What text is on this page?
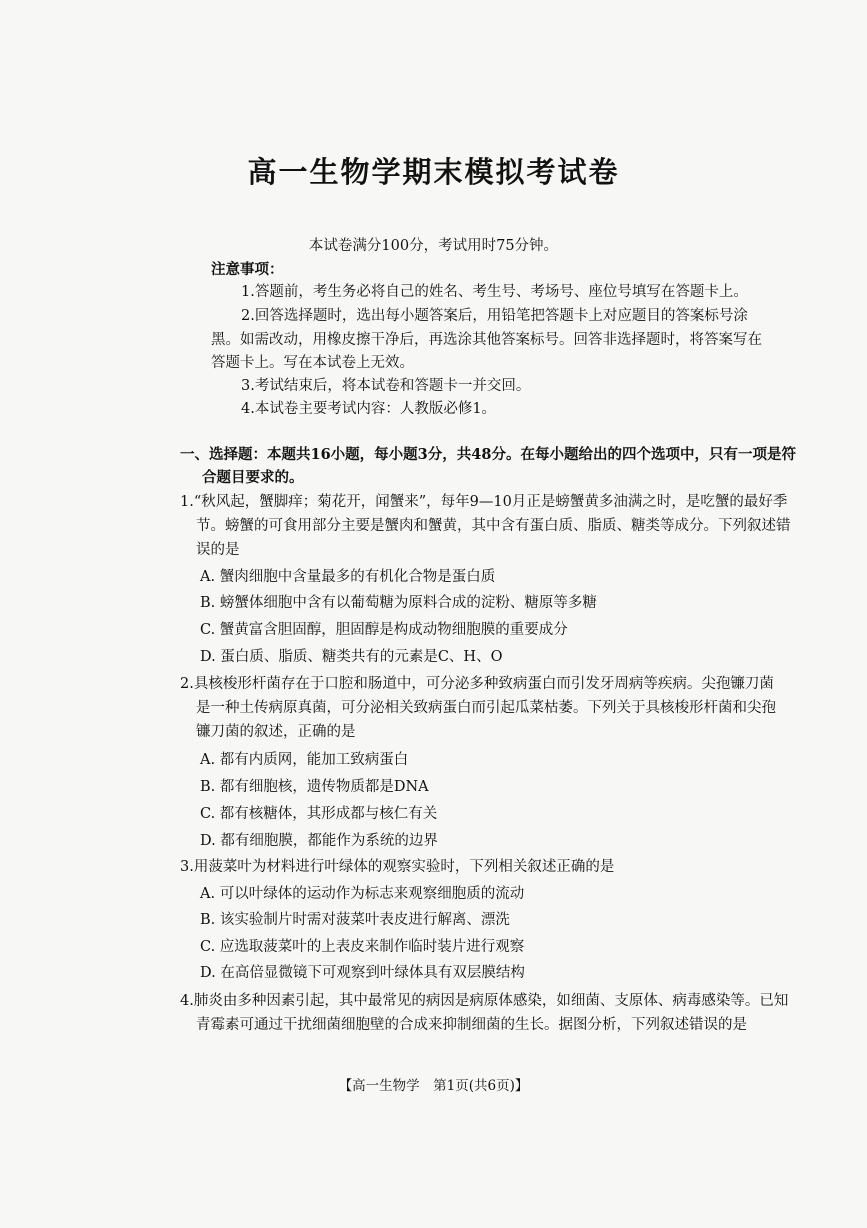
高一生物学期末模拟考试卷
本试卷满分100分，考试用时75分钟。
注意事项：
1.答题前，考生务必将自己的姓名、考生号、考场号、座位号填写在答题卡上。
2.回答选择题时，选出每小题答案后，用铅笔把答题卡上对应题目的答案标号涂
黑。如需改动，用橡皮擦干净后，再选涂其他答案标号。回答非选择题时，将答案写在
答题卡上。写在本试卷上无效。
3.考试结束后，将本试卷和答题卡一并交回。
4.本试卷主要考试内容：人教版必修1。
一、选择题：本题共16小题，每小题3分，共48分。在每小题给出的四个选项中，只有一项是符
合题目要求的。
1.“秋风起，蟹脚痒；菊花开，闻蟹来”，每年9—10月正是螃蟹黄多油满之时，是吃蟹的最好季
节。螃蟹的可食用部分主要是蟹肉和蟹黄，其中含有蛋白质、脂质、糖类等成分。下列叙述错
误的是
A. 蟹肉细胞中含量最多的有机化合物是蛋白质
B. 螃蟹体细胞中含有以葡萄糖为原料合成的淀粉、糖原等多糖
C. 蟹黄富含胆固醇，胆固醇是构成动物细胞膜的重要成分
D. 蛋白质、脂质、糖类共有的元素是C、H、O
2.具核梭形杆菌存在于口腔和肠道中，可分泌多种致病蛋白而引发牙周病等疾病。尖孢镰刀菌
是一种土传病原真菌，可分泌相关致病蛋白而引起瓜菜枯萎。下列关于具核梭形杆菌和尖孢
镰刀菌的叙述，正确的是
A. 都有内质网，能加工致病蛋白
B. 都有细胞核，遗传物质都是DNA
C. 都有核糖体，其形成都与核仁有关
D. 都有细胞膜，都能作为系统的边界
3.用菠菜叶为材料进行叶绿体的观察实验时，下列相关叙述正确的是
A. 可以叶绿体的运动作为标志来观察细胞质的流动
B. 该实验制片时需对菠菜叶表皮进行解离、漂洗
C. 应选取菠菜叶的上表皮来制作临时装片进行观察
D. 在高倍显微镜下可观察到叶绿体具有双层膜结构
4.肺炎由多种因素引起，其中最常见的病因是病原体感染，如细菌、支原体、病毒感染等。已知
青霉素可通过干扰细菌细胞壁的合成来抑制细菌的生长。据图分析，下列叙述错误的是
【高一生物学　第1页(共6页)】
